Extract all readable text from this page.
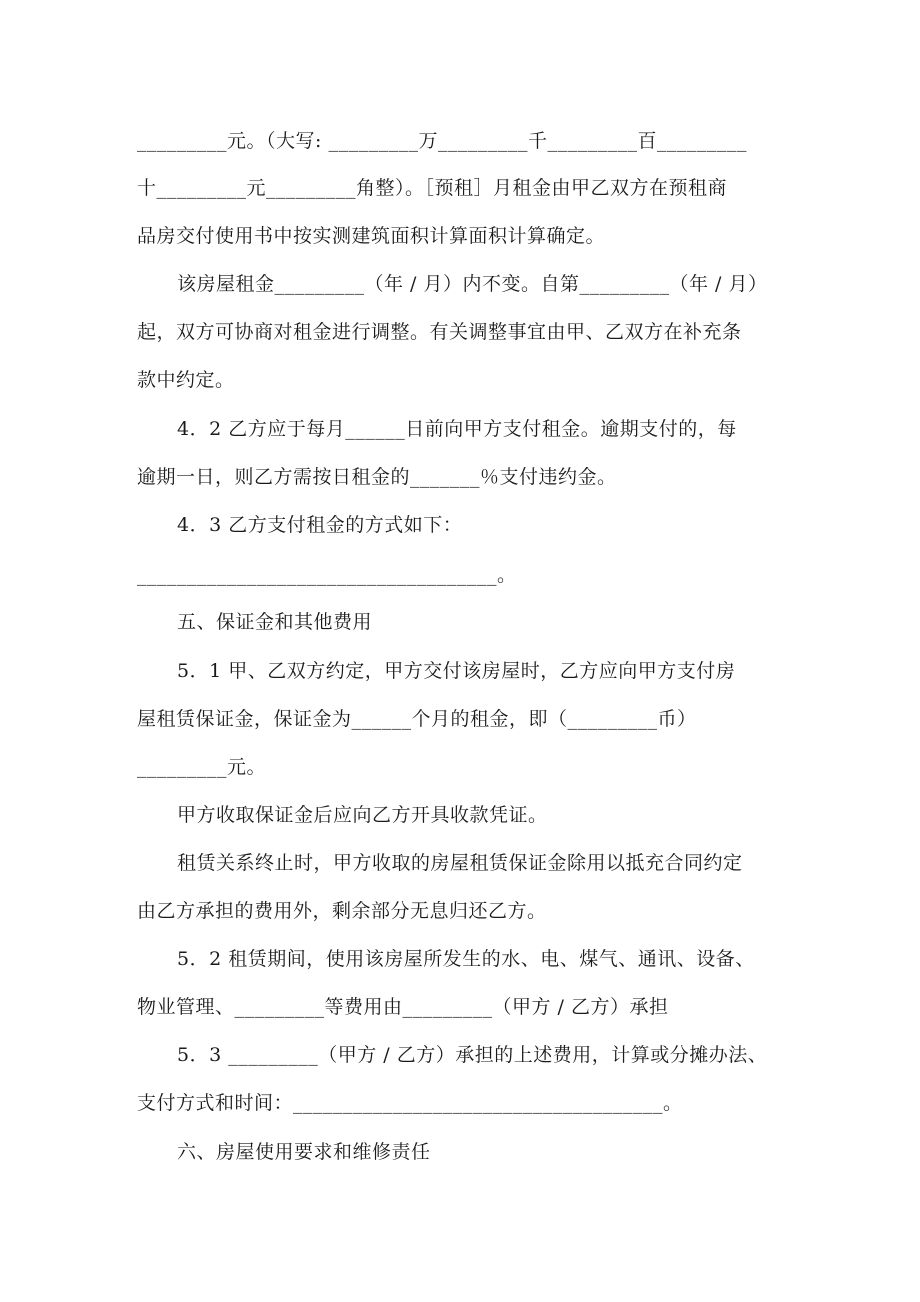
_________元。（大写: _________万_________千_________百_________
十_________元_________角整）。［预租］月租金由甲乙双方在预租商
品房交付使用书中按实测建筑面积计算面积计算确定。
该房屋租金_________（年 / 月）内不变。自第_________（年 / 月）
起，双方可协商对租金进行调整。有关调整事宜由甲、乙双方在补充条
款中约定。
4．2 乙方应于每月______日前向甲方支付租金。逾期支付的，每
逾期一日，则乙方需按日租金的_______％支付违约金。
4．3 乙方支付租金的方式如下：
____________________________________。
五、保证金和其他费用
5．1 甲、乙双方约定，甲方交付该房屋时，乙方应向甲方支付房
屋租赁保证金，保证金为______个月的租金，即（_________币）
_________元。
甲方收取保证金后应向乙方开具收款凭证。
租赁关系终止时，甲方收取的房屋租赁保证金除用以抵充合同约定
由乙方承担的费用外，剩余部分无息归还乙方。
5．2 租赁期间，使用该房屋所发生的水、电、煤气、通讯、设备、
物业管理、_________等费用由_________（甲方 / 乙方）承担
5．3 _________（甲方 / 乙方）承担的上述费用，计算或分摊办法、
支付方式和时间：_____________________________________。
六、房屋使用要求和维修责任
